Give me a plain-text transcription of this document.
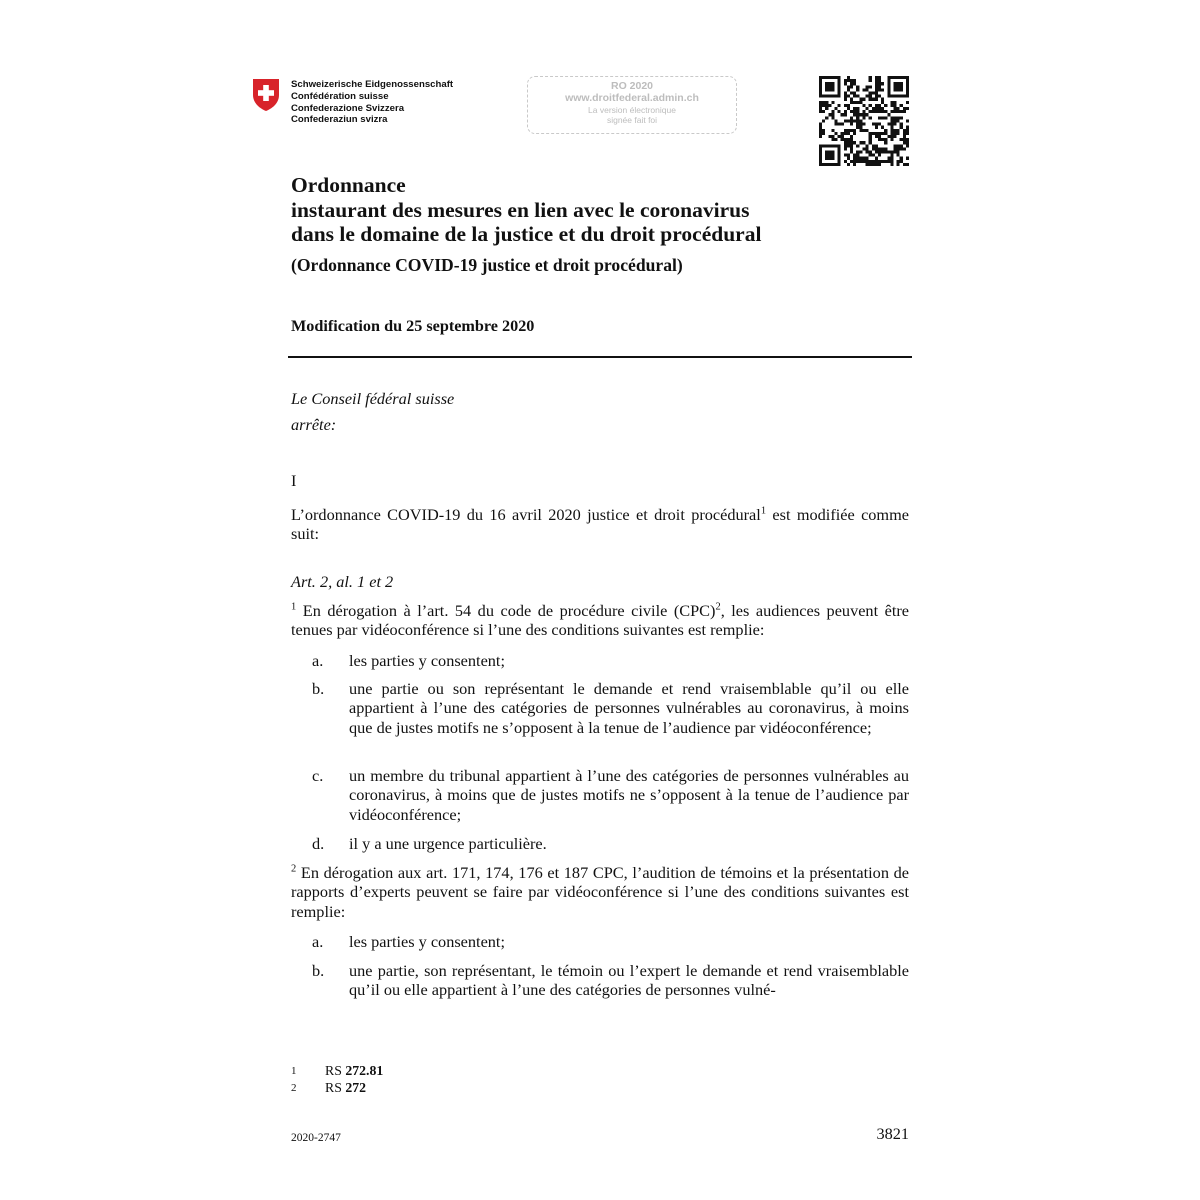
Schweizerische Eidgenossenschaft
Confédération suisse
Confederazione Svizzera
Confederaziun svizra
RO 2020
www.droitfederal.admin.ch
La version électronique
signée fait foi
Ordonnance
instaurant des mesures en lien avec le coronavirus
dans le domaine de la justice et du droit procédural
(Ordonnance COVID-19 justice et droit procédural)
Modification du 25 septembre 2020
Le Conseil fédéral suisse
arrête:
I
L’ordonnance COVID-19 du 16 avril 2020 justice et droit procédural$^1$ est modifiée comme suit:
Art. 2, al. 1 et 2
$^1$ En dérogation à l’art. 54 du code de procédure civile (CPC)$^2$, les audiences peuvent être tenues par vidéoconférence si l’une des conditions suivantes est remplie:
a.	les parties y consentent;
b.	une partie ou son représentant le demande et rend vraisemblable qu’il ou elle appartient à l’une des catégories de personnes vulnérables au coronavirus, à moins que de justes motifs ne s’opposent à la tenue de l’audience par vidéoconférence;
c.	un membre du tribunal appartient à l’une des catégories de personnes vulnérables au coronavirus, à moins que de justes motifs ne s’opposent à la tenue de l’audience par vidéoconférence;
d.	il y a une urgence particulière.
$^2$ En dérogation aux art. 171, 174, 176 et 187 CPC, l’audition de témoins et la présentation de rapports d’experts peuvent se faire par vidéoconférence si l’une des conditions suivantes est remplie:
a.	les parties y consentent;
b.	une partie, son représentant, le témoin ou l’expert le demande et rend vraisemblable qu’il ou elle appartient à l’une des catégories de personnes vulné-
1	RS 272.81
2	RS 272
2020-2747	3821
